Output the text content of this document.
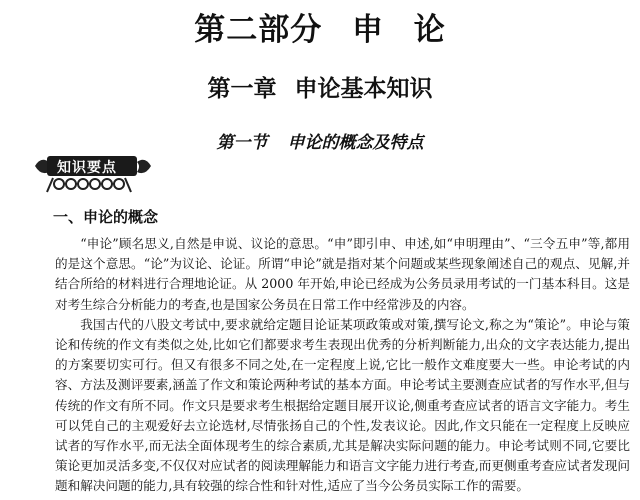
第二部分 申 论
第一章 申论基本知识
第一节 申论的概念及特点
知识要点
一、申论的概念

“申论”顾名思义,自然是申说、议论的意思。“申”即引申、申述,如“申明理由”、“三令五申”等,都用的是这个意思。“论”为议论、论证。所谓“申论”就是指对某个问题或某些现象阐述自己的观点、见解,并结合所给的材料进行合理地论证。从 2000 年开始,申论已经成为公务员录用考试的一门基本科目。这是对考生综合分析能力的考查,也是国家公务员在日常工作中经常涉及的内容。

我国古代的八股文考试中,要求就给定题目论证某项政策或对策,撰写论文,称之为“策论”。申论与策论和传统的作文有类似之处,比如它们都要求考生表现出优秀的分析判断能力,出众的文字表达能力,提出的方案要切实可行。但又有很多不同之处,在一定程度上说,它比一般作文难度要大一些。申论考试的内容、方法及测评要素,涵盖了作文和策论两种考试的基本方面。申论考试主要测查应试者的写作水平,但与传统的作文有所不同。作文只是要求考生根据给定题目展开议论,侧重考查应试者的语言文字能力。考生可以凭自己的主观爱好去立论选材,尽情张扬自己的个性,发表议论。因此,作文只能在一定程度上反映应试者的写作水平,而无法全面体现考生的综合素质,尤其是解决实际问题的能力。申论考试则不同,它要比策论更加灵活多变,不仅仅对应试者的阅读理解能力和语言文字能力进行考查,而更侧重考查应试者发现问题和解决问题的能力,具有较强的综合性和针对性,适应了当今公务员实际工作的需要。
